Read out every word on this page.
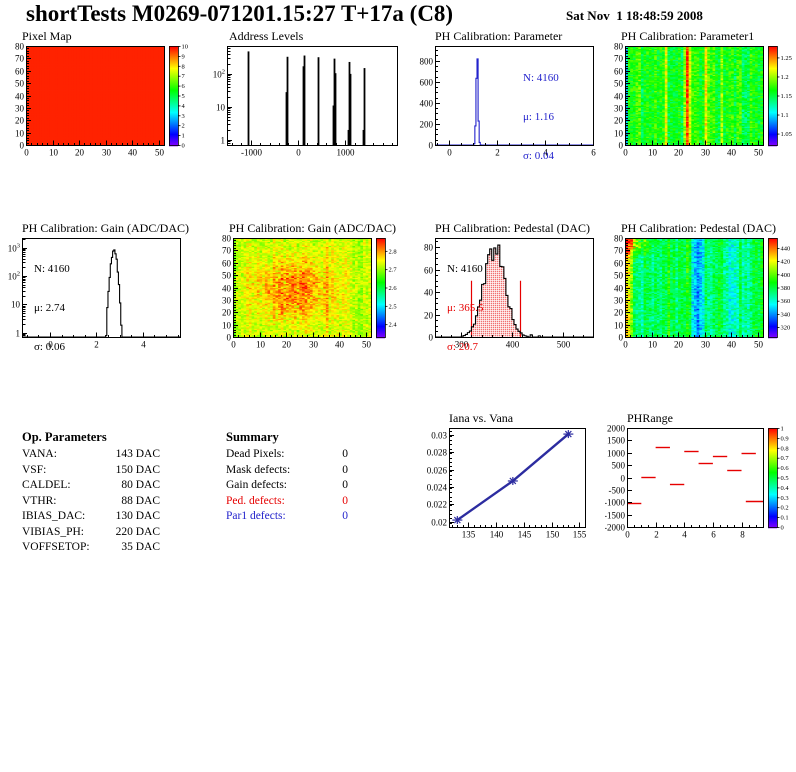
shortTests M0269-071201.15:27 T+17a (C8)	Sat Nov  1 18:48:59 2008
Pixel Map	Address Levels	PH Calibration: Parameter

N: 4160

μ: 1.16

σ: 0.04

PH Calibration: Parameter1
PH Calibration: Gain (ADC/DAC)

N: 4160

μ: 2.74

σ: 0.06

PH Calibration: Gain (ADC/DAC)	PH Calibration: Pedestal (DAC)

N: 4160

μ: 365.5

σ: 20.7

PH Calibration: Pedestal (DAC)
Op. Parameters
VANA:	143 DAC
VSF:	150 DAC
CALDEL:	80 DAC
VTHR:	88 DAC
IBIAS_DAC:	130 DAC
VIBIAS_PH:	220 DAC
VOFFSETOP:	35 DAC
Summary
Dead Pixels:	0
Mask defects:	0
Gain defects:	0
Ped. defects:	0
Par1 defects:	0
Iana vs. Vana	PHRange
